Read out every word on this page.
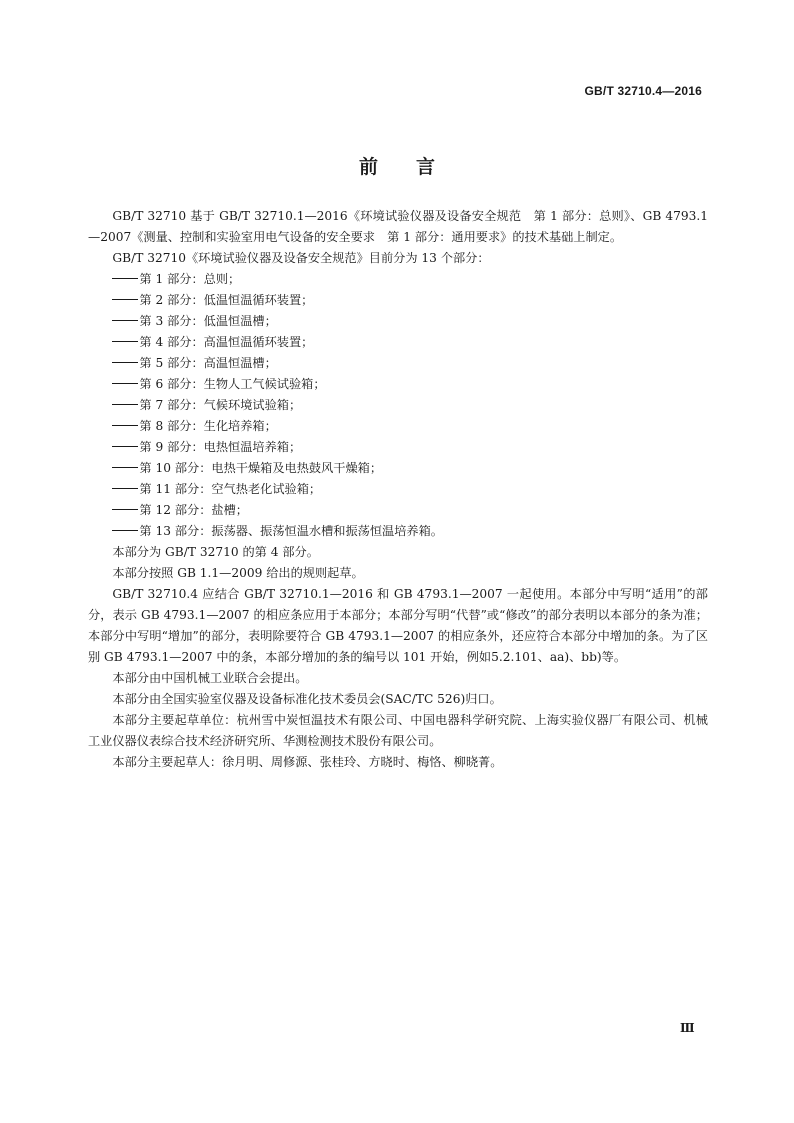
GB/T 32710.4—2016
前言

GB/T 32710 基于 GB/T 32710.1—2016《环境试验仪器及设备安全规范　第 1 部分：总则》、GB 4793.1—2007《测量、控制和实验室用电气设备的安全要求　第 1 部分：通用要求》的技术基础上制定。

GB/T 32710《环境试验仪器及设备安全规范》目前分为 13 个部分：

第 1 部分：总则；

第 2 部分：低温恒温循环装置；

第 3 部分：低温恒温槽；

第 4 部分：高温恒温循环装置；

第 5 部分：高温恒温槽；

第 6 部分：生物人工气候试验箱；

第 7 部分：气候环境试验箱；

第 8 部分：生化培养箱；

第 9 部分：电热恒温培养箱；

第 10 部分：电热干燥箱及电热鼓风干燥箱；

第 11 部分：空气热老化试验箱；

第 12 部分：盐槽；

第 13 部分：振荡器、振荡恒温水槽和振荡恒温培养箱。

本部分为 GB/T 32710 的第 4 部分。

本部分按照 GB 1.1—2009 给出的规则起草。

GB/T 32710.4 应结合 GB/T 32710.1—2016 和 GB 4793.1—2007 一起使用。本部分中写明“适用”的部分，表示 GB 4793.1—2007 的相应条应用于本部分；本部分写明“代替”或“修改”的部分表明以本部分的条为准；本部分中写明“增加”的部分，表明除要符合 GB 4793.1—2007 的相应条外，还应符合本部分中增加的条。为了区别 GB 4793.1—2007 中的条，本部分增加的条的编号以 101 开始，例如5.2.101、aa)、bb)等。

本部分由中国机械工业联合会提出。

本部分由全国实验室仪器及设备标准化技术委员会(SAC/TC 526)归口。

本部分主要起草单位：杭州雪中炭恒温技术有限公司、中国电器科学研究院、上海实验仪器厂有限公司、机械工业仪器仪表综合技术经济研究所、华测检测技术股份有限公司。

本部分主要起草人：徐月明、周修源、张桂玲、方晓时、梅恪、柳晓菁。

Ⅲ
